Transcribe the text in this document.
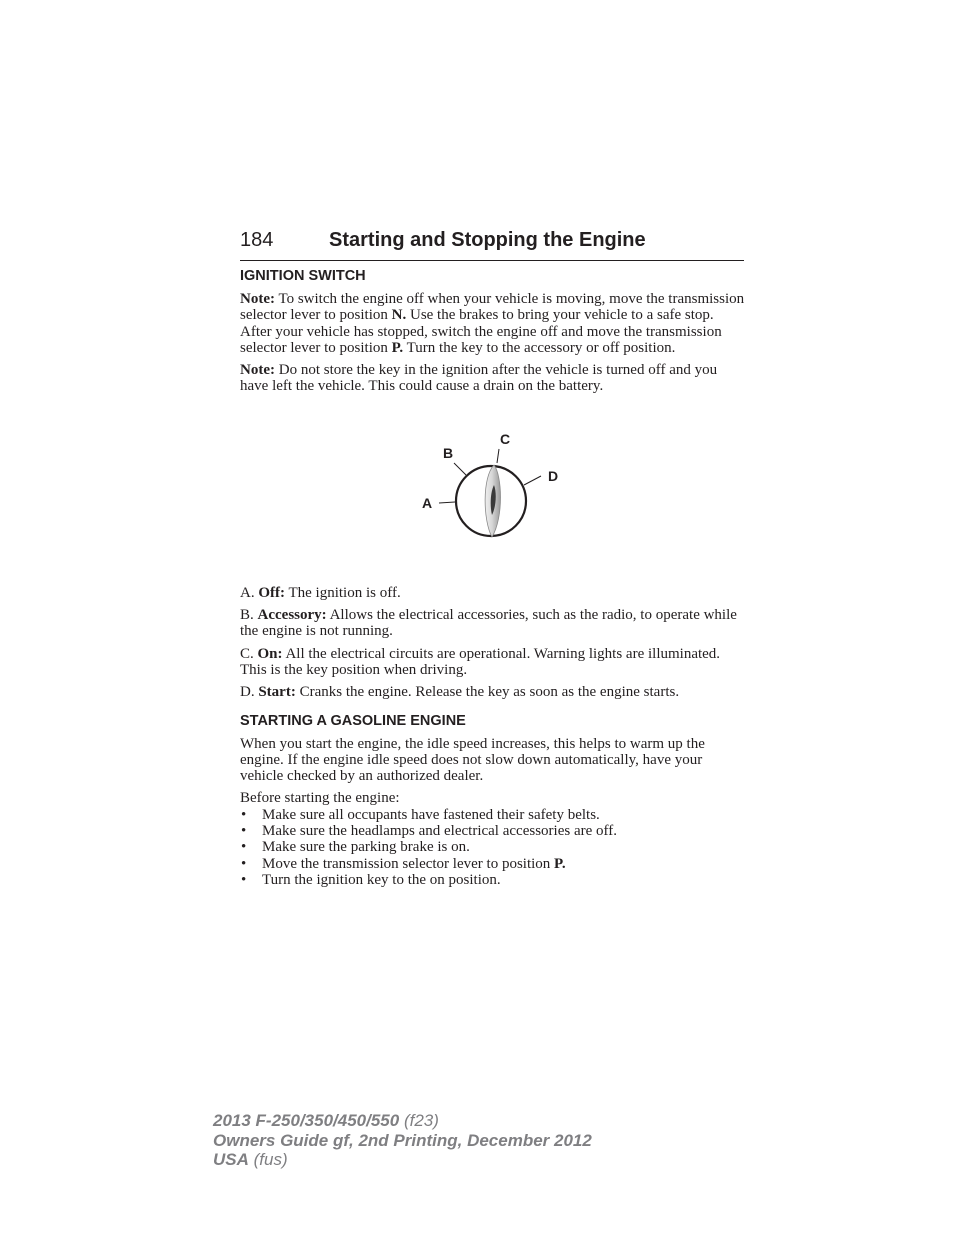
184	Starting and Stopping the Engine
IGNITION SWITCH

Note: To switch the engine off when your vehicle is moving, move the transmission selector lever to position N. Use the brakes to bring your vehicle to a safe stop. After your vehicle has stopped, switch the engine off and move the transmission selector lever to position P. Turn the key to the accessory or off position.

Note: Do not store the key in the ignition after the vehicle is turned off and you have left the vehicle. This could cause a drain on the battery.

A
B
C
D

A. Off: The ignition is off.

B. Accessory: Allows the electrical accessories, such as the radio, to operate while the engine is not running.

C. On: All the electrical circuits are operational. Warning lights are illuminated. This is the key position when driving.

D. Start: Cranks the engine. Release the key as soon as the engine starts.

STARTING A GASOLINE ENGINE

When you start the engine, the idle speed increases, this helps to warm up the engine. If the engine idle speed does not slow down automatically, have your vehicle checked by an authorized dealer.

Before starting the engine:
• Make sure all occupants have fastened their safety belts.
• Make sure the headlamps and electrical accessories are off.
• Make sure the parking brake is on.
• Move the transmission selector lever to position P.
• Turn the ignition key to the on position.
2013 F-250/350/450/550 (f23)
Owners Guide gf, 2nd Printing, December 2012
USA (fus)
